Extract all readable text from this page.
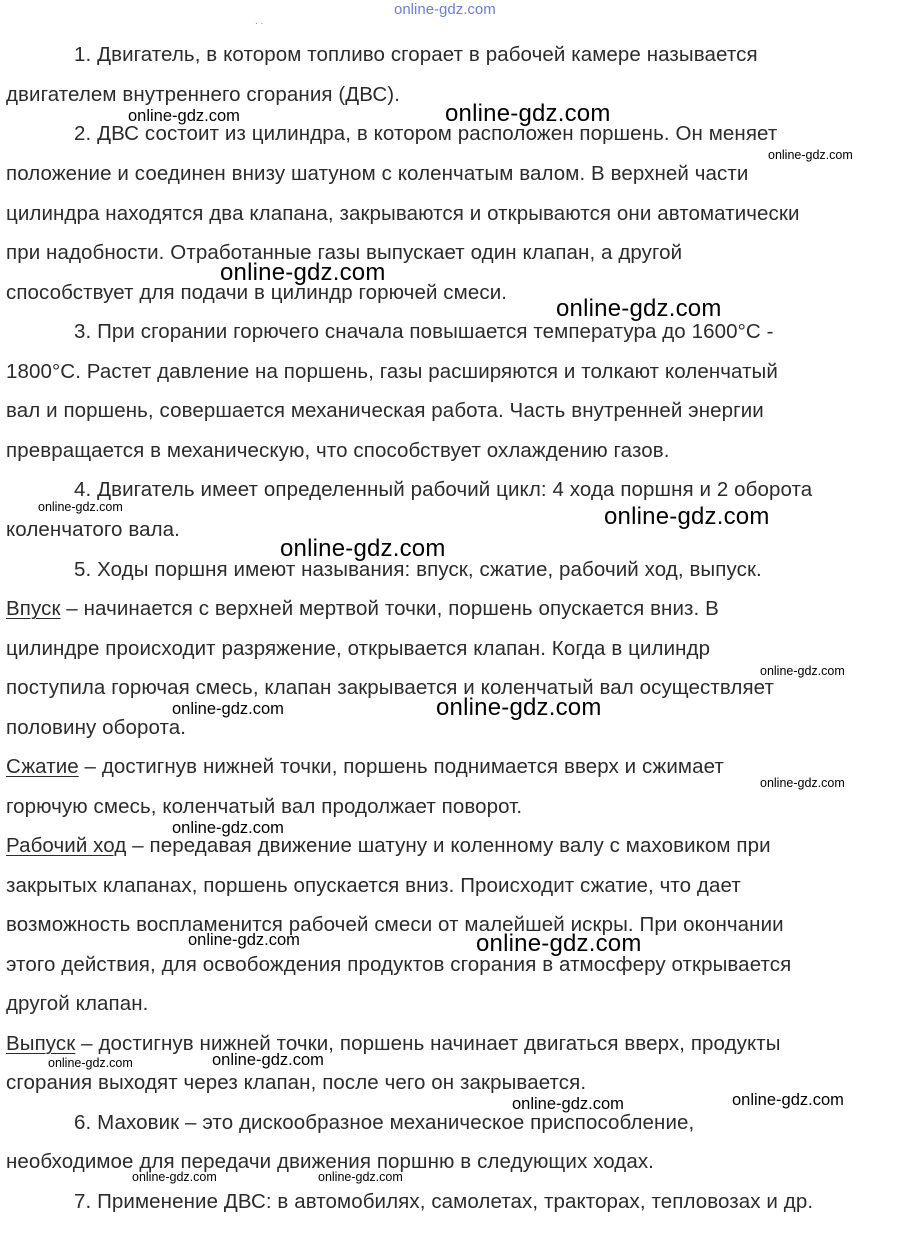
online-gdz.com
. .
1. Двигатель, в котором топливо сгорает в рабочей камере называется
двигателем внутреннего сгорания (ДВС).
2. ДВС состоит из цилиндра, в котором расположен поршень. Он меняет
положение и соединен внизу шатуном с коленчатым валом. В верхней части
цилиндра находятся два клапана, закрываются и открываются они автоматически
при надобности. Отработанные газы выпускает один клапан, а другой
способствует для подачи в цилиндр горючей смеси.
3. При сгорании горючего сначала повышается температура до 1600°С -
1800°С. Растет давление на поршень, газы расширяются и толкают коленчатый
вал и поршень, совершается механическая работа. Часть внутренней энергии
превращается в механическую, что способствует охлаждению газов.
4. Двигатель имеет определенный рабочий цикл: 4 хода поршня и 2 оборота
коленчатого вала.
5. Ходы поршня имеют называния: впуск, сжатие, рабочий ход, выпуск.
Впуск – начинается с верхней мертвой точки, поршень опускается вниз. В
цилиндре происходит разряжение, открывается клапан. Когда в цилиндр
поступила горючая смесь, клапан закрывается и коленчатый вал осуществляет
половину оборота.
Сжатие – достигнув нижней точки, поршень поднимается вверх и сжимает
горючую смесь, коленчатый вал продолжает поворот.
Рабочий ход – передавая движение шатуну и коленному валу с маховиком при
закрытых клапанах, поршень опускается вниз. Происходит сжатие, что дает
возможность воспламенится рабочей смеси от малейшей искры. При окончании
этого действия, для освобождения продуктов сгорания в атмосферу открывается
другой клапан.
Выпуск – достигнув нижней точки, поршень начинает двигаться вверх, продукты
сгорания выходят через клапан, после чего он закрывается.
6. Маховик – это дискообразное механическое приспособление,
необходимое для передачи движения поршню в следующих ходах.
7. Применение ДВС: в автомобилях, самолетах, тракторах, тепловозах и др.
online-gdz.com	online-gdz.com
online-gdz.com
online-gdz.com
online-gdz.com
online-gdz.com	online-gdz.com
online-gdz.com
online-gdz.com
online-gdz.com	online-gdz.com
online-gdz.com
online-gdz.com
online-gdz.com	online-gdz.com
online-gdz.com	online-gdz.com
online-gdz.com
online-gdz.com
online-gdz.com	online-gdz.com
